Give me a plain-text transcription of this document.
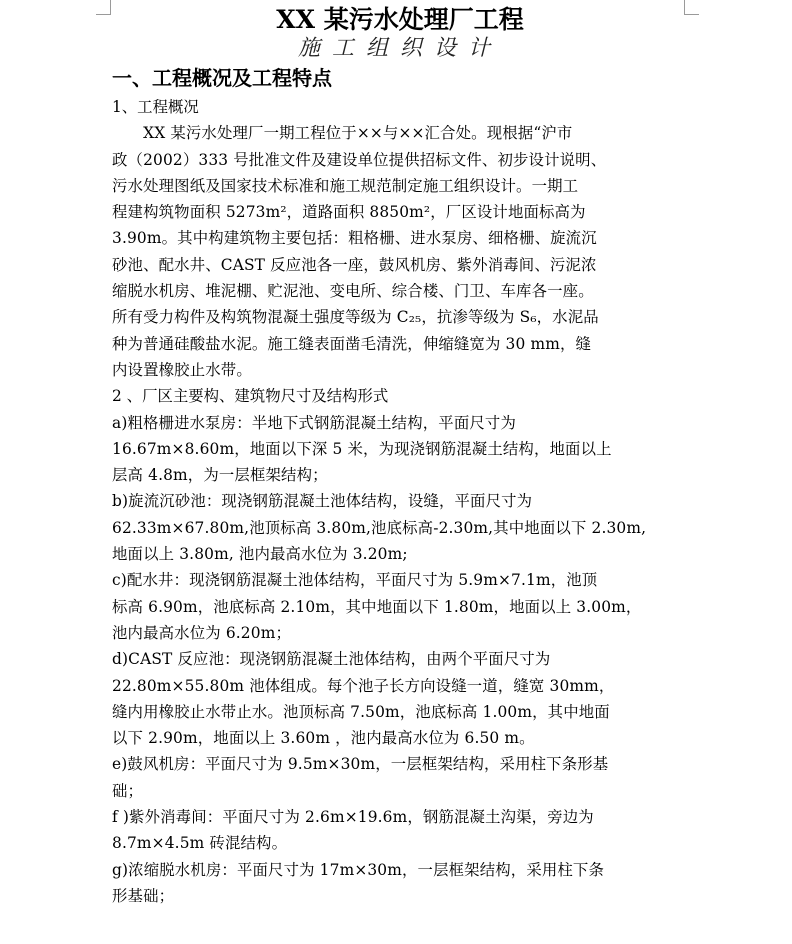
XX 某污水处理厂工程
施工组织设计
一、工程概况及工程特点
1、工程概况
　　XX 某污水处理厂一期工程位于××与××汇合处。现根据“沪市
政（2002）333 号批准文件及建设单位提供招标文件、初步设计说明、
污水处理图纸及国家技术标准和施工规范制定施工组织设计。一期工
程建构筑物面积 5273m²，道路面积 8850m²，厂区设计地面标高为
3.90m。其中构建筑物主要包括：粗格栅、进水泵房、细格栅、旋流沉
砂池、配水井、CAST 反应池各一座，鼓风机房、紫外消毒间、污泥浓
缩脱水机房、堆泥棚、贮泥池、变电所、综合楼、门卫、车库各一座。
所有受力构件及构筑物混凝土强度等级为 C₂₅，抗渗等级为 S₆，水泥品
种为普通硅酸盐水泥。施工缝表面凿毛清洗，伸缩缝宽为 30 mm，缝
内设置橡胶止水带。
2 、厂区主要构、建筑物尺寸及结构形式
a)粗格栅进水泵房：半地下式钢筋混凝土结构，平面尺寸为
16.67m×8.60m，地面以下深 5 米，为现浇钢筋混凝土结构，地面以上
层高 4.8m，为一层框架结构；
b)旋流沉砂池：现浇钢筋混凝土池体结构，设缝，平面尺寸为
62.33m×67.80m,池顶标高 3.80m,池底标高-2.30m,其中地面以下 2.30m,
地面以上 3.80m, 池内最高水位为 3.20m;
c)配水井：现浇钢筋混凝土池体结构，平面尺寸为 5.9m×7.1m，池顶
标高 6.90m，池底标高 2.10m，其中地面以下 1.80m，地面以上 3.00m，
池内最高水位为 6.20m；
d)CAST 反应池：现浇钢筋混凝土池体结构，由两个平面尺寸为
22.80m×55.80m 池体组成。每个池子长方向设缝一道，缝宽 30mm，
缝内用橡胶止水带止水。池顶标高 7.50m，池底标高 1.00m，其中地面
以下 2.90m，地面以上 3.60m ，池内最高水位为 6.50 m。
e)鼓风机房：平面尺寸为 9.5m×30m，一层框架结构，采用柱下条形基
础；
f )紫外消毒间：平面尺寸为 2.6m×19.6m，钢筋混凝土沟渠，旁边为
8.7m×4.5m 砖混结构。
g)浓缩脱水机房：平面尺寸为 17m×30m，一层框架结构，采用柱下条
形基础；
